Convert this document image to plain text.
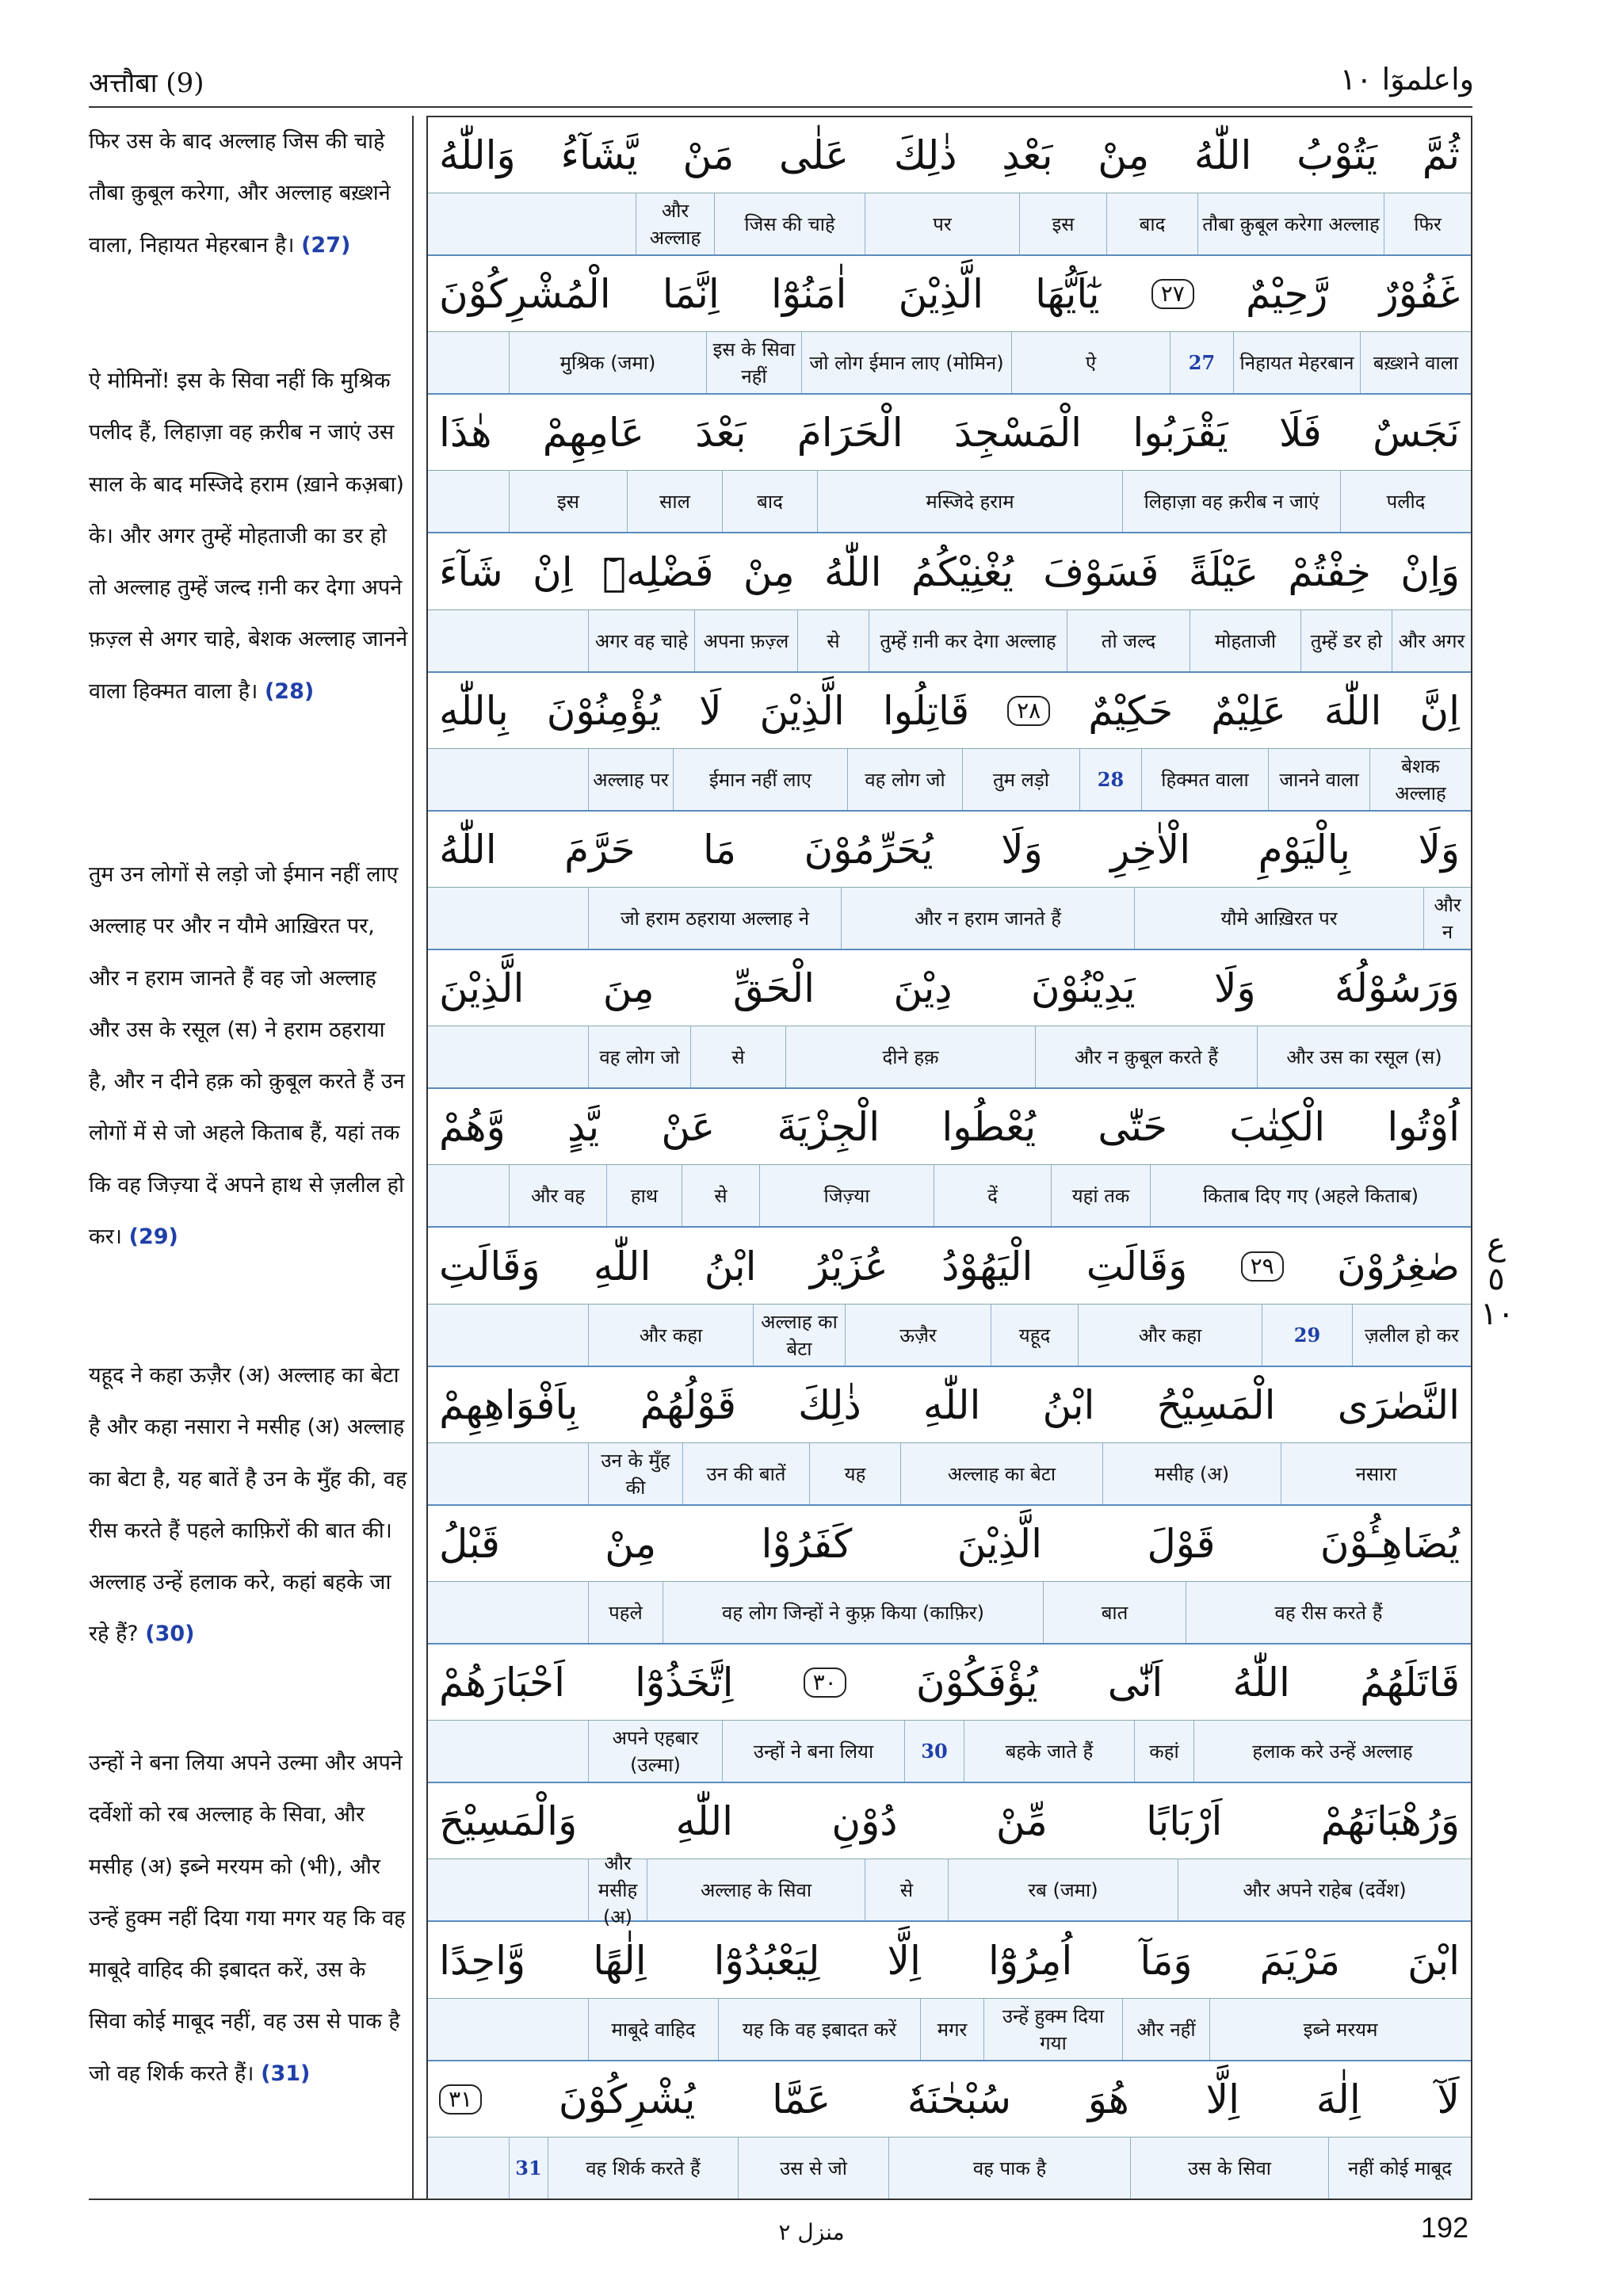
अत्तौबा (9)	واعلموٓا ١٠
फिर उस के बाद अल्लाह जिस की चाहे तौबा क़ुबूल करेगा, और अल्लाह बख़्शने वाला, निहायत मेहरबान है। (27)
ऐ मोमिनों! इस के सिवा नहीं कि मुश्रिक पलीद हैं, लिहाज़ा वह क़रीब न जाएं उस साल के बाद मस्जिदे हराम (ख़ाने कअ़बा) के। और अगर तुम्हें मोहताजी का डर हो तो अल्लाह तुम्हें जल्द ग़नी कर देगा अपने फ़ज़्ल से अगर चाहे, बेशक अल्लाह जानने वाला हिक्मत वाला है। (28)
तुम उन लोगों से लड़ो जो ईमान नहीं लाए अल्लाह पर और न यौमे आख़िरत पर, और न हराम जानते हैं वह जो अल्लाह और उस के रसूल (स) ने हराम ठहराया है, और न दीने हक़ को क़ुबूल करते हैं उन लोगों में से जो अहले किताब हैं, यहां तक कि वह जिज़्या दें अपने हाथ से ज़लील हो कर। (29)
यहूद ने कहा ऊज़ैर (अ) अल्लाह का बेटा है और कहा नसारा ने मसीह (अ) अल्लाह का बेटा है, यह बातें है उन के मुँह की, वह रीस करते हैं पहले काफ़िरों की बात की। अल्लाह उन्हें हलाक करे, कहां बहके जा रहे हैं? (30)
उन्हों ने बना लिया अपने उल्मा और अपने दर्वेशों को रब अल्लाह के सिवा, और मसीह (अ) इब्ने मरयम को (भी), और उन्हें हुक्म नहीं दिया गया मगर यह कि वह माबूदे वाहिद की इबादत करें, उस के सिवा कोई माबूद नहीं, वह उस से पाक है जो वह शिर्क करते हैं। (31)
ثُمَّ
يَتُوْبُ
اللّٰهُ
مِنْ
بَعْدِ
ذٰلِكَ
عَلٰى
مَنْ
يَّشَآءُ
وَاللّٰهُ
फिर
तौबा क़ुबूल करेगा अल्लाह
बाद
इस
पर
जिस की चाहे
और अल्लाह
غَفُوْرٌ
رَّحِيْمٌ
٢٧
يٰٓاَيُّهَا
الَّذِيْنَ
اٰمَنُوْٓا
اِنَّمَا
الْمُشْرِكُوْنَ
बख़्शने वाला
निहायत मेहरबान
27
ऐ
जो लोग ईमान लाए (मोमिन)
इस के सिवा नहीं
मुश्रिक (जमा)
نَجَسٌ
فَلَا
يَقْرَبُوا
الْمَسْجِدَ
الْحَرَامَ
بَعْدَ
عَامِهِمْ
هٰذَا
पलीद
लिहाज़ा वह क़रीब न जाएं
मस्जिदे हराम
बाद
साल
इस
وَاِنْ
خِفْتُمْ
عَيْلَةً
فَسَوْفَ
يُغْنِيْكُمُ
اللّٰهُ
مِنْ
فَضْلِهٖٓ
اِنْ
شَآءَ
और अगर
तुम्हें डर हो
मोहताजी
तो जल्द
तुम्हें ग़नी कर देगा अल्लाह
से
अपना फ़ज़्ल
अगर वह चाहे
اِنَّ
اللّٰهَ
عَلِيْمٌ
حَكِيْمٌ
٢٨
قَاتِلُوا
الَّذِيْنَ
لَا
يُؤْمِنُوْنَ
بِاللّٰهِ
बेशक अल्लाह
जानने वाला
हिक्मत वाला
28
तुम लड़ो
वह लोग जो
ईमान नहीं लाए
अल्लाह पर
وَلَا
بِالْيَوْمِ
الْاٰخِرِ
وَلَا
يُحَرِّمُوْنَ
مَا
حَرَّمَ
اللّٰهُ
और न
यौमे आख़िरत पर
और न हराम जानते हैं
जो हराम ठहराया अल्लाह ने
وَرَسُوْلُهٗ
وَلَا
يَدِيْنُوْنَ
دِيْنَ
الْحَقِّ
مِنَ
الَّذِيْنَ
और उस का रसूल (स)
और न क़ुबूल करते हैं
दीने हक़
से
वह लोग जो
اُوْتُوا
الْكِتٰبَ
حَتّٰى
يُعْطُوا
الْجِزْيَةَ
عَنْ
يَّدٍ
وَّهُمْ
किताब दिए गए (अहले किताब)
यहां तक
दें
जिज़्या
से
हाथ
और वह
صٰغِرُوْنَ
٢٩
وَقَالَتِ
الْيَهُوْدُ
عُزَيْرُ
ابْنُ
اللّٰهِ
وَقَالَتِ
ज़लील हो कर
29
और कहा
यहूद
ऊज़ैर
अल्लाह का बेटा
और कहा
النَّصٰرَى
الْمَسِيْحُ
ابْنُ
اللّٰهِ
ذٰلِكَ
قَوْلُهُمْ
بِاَفْوَاهِهِمْ
नसारा
मसीह (अ)
अल्लाह का बेटा
यह
उन की बातें
उन के मुँह की
يُضَاهِـُٔوْنَ
قَوْلَ
الَّذِيْنَ
كَفَرُوْا
مِنْ
قَبْلُ
वह रीस करते हैं
बात
वह लोग जिन्हों ने कुफ़्र किया (काफ़िर)
पहले
قَاتَلَهُمُ
اللّٰهُ
اَنّٰى
يُؤْفَكُوْنَ
٣٠
اِتَّخَذُوْٓا
اَحْبَارَهُمْ
हलाक करे उन्हें अल्लाह
कहां
बहके जाते हैं
30
उन्हों ने बना लिया
अपने एहबार (उल्मा)
وَرُهْبَانَهُمْ
اَرْبَابًا
مِّنْ
دُوْنِ
اللّٰهِ
وَالْمَسِيْحَ
और अपने राहेब (दर्वेश)
रब (जमा)
से
अल्लाह के सिवा
और मसीह (अ)
ابْنَ
مَرْيَمَ
وَمَآ
اُمِرُوْٓا
اِلَّا
لِيَعْبُدُوْٓا
اِلٰهًا
وَّاحِدًا
इब्ने मरयम
और नहीं
उन्हें हुक्म दिया गया
मगर
यह कि वह इबादत करें
माबूदे वाहिद
لَآ
اِلٰهَ
اِلَّا
هُوَ
سُبْحٰنَهٗ
عَمَّا
يُشْرِكُوْنَ
٣١
नहीं कोई माबूद
उस के सिवा
वह पाक है
उस से जो
वह शिर्क करते हैं
31
ع
٥
١٠
منزل ٢	192
